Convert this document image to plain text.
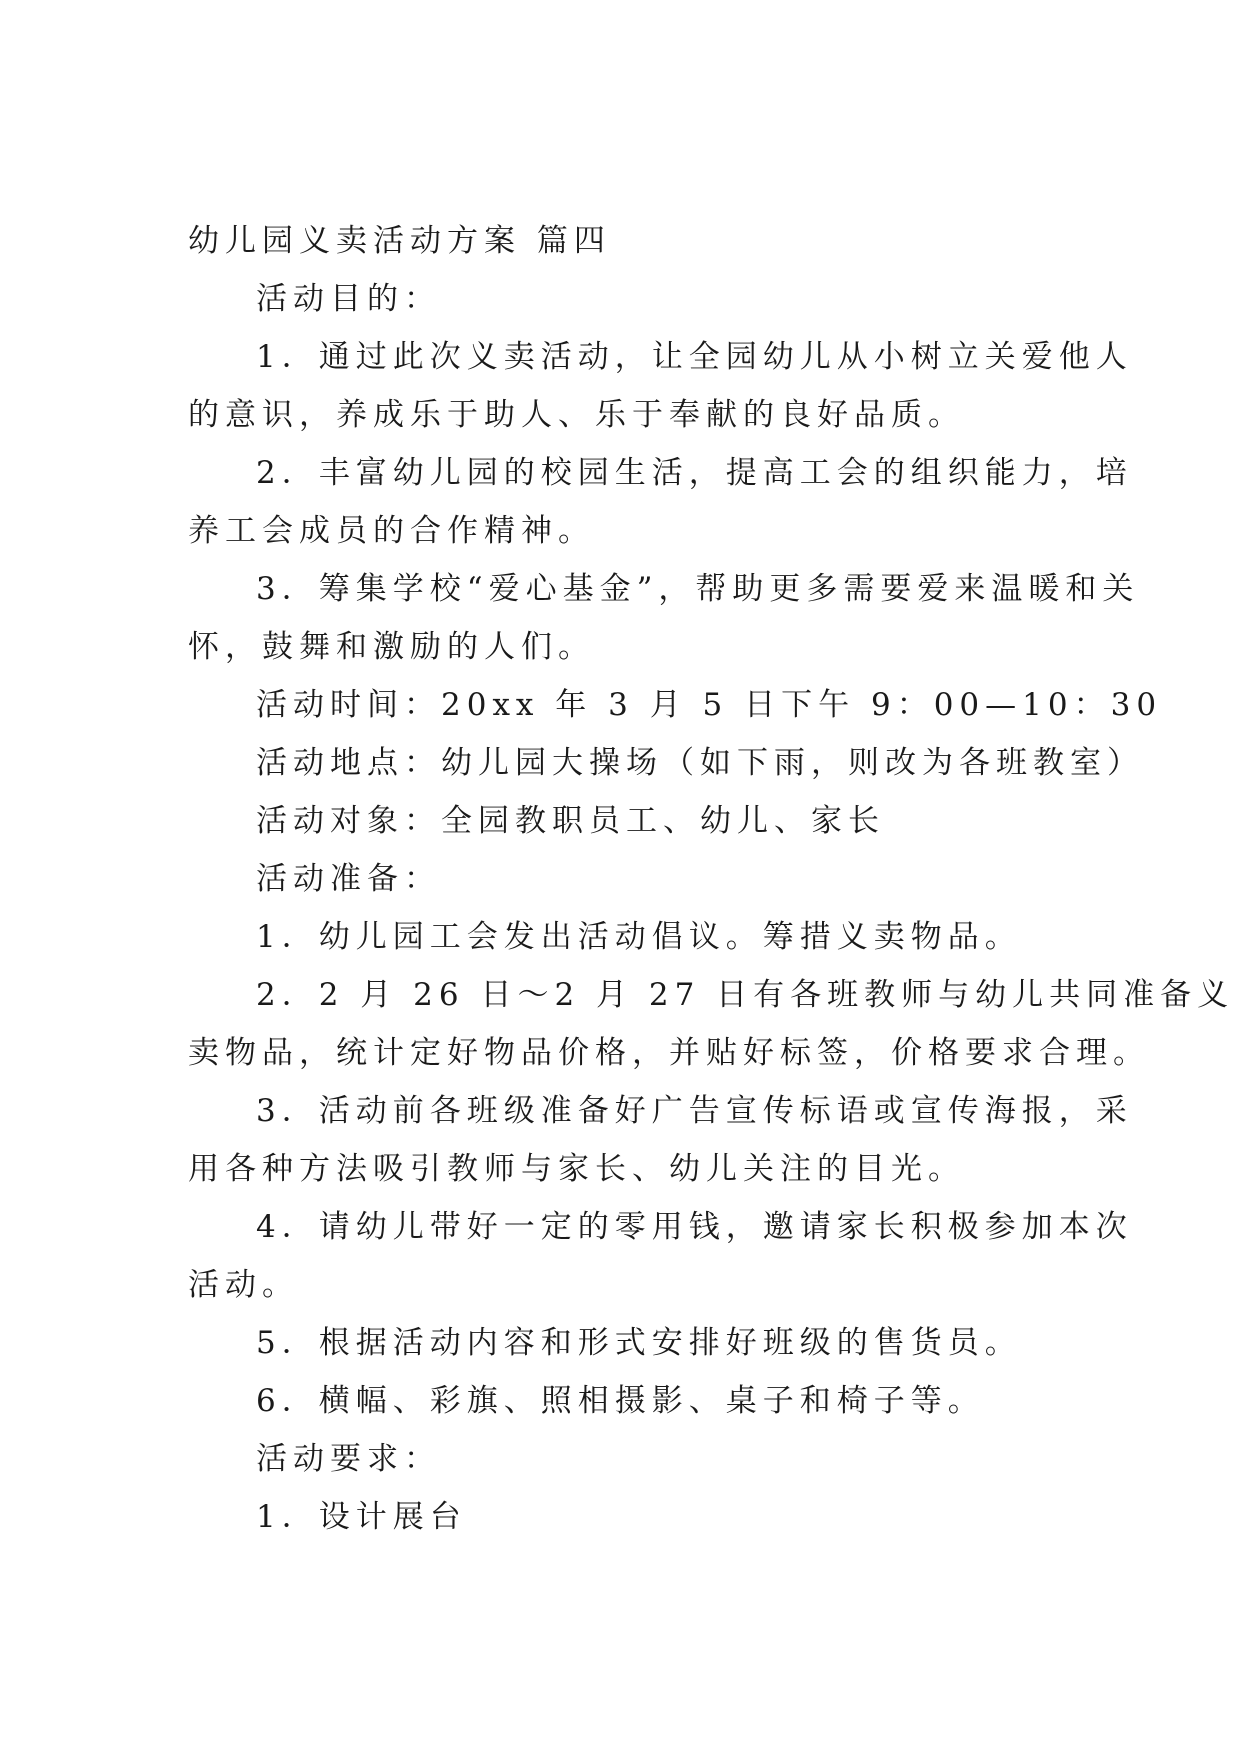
幼儿园义卖活动方案 篇四
活动目的：
1．通过此次义卖活动，让全园幼儿从小树立关爱他人
的意识，养成乐于助人、乐于奉献的良好品质。
2．丰富幼儿园的校园生活，提高工会的组织能力，培
养工会成员的合作精神。
3．筹集学校“爱心基金”，帮助更多需要爱来温暖和关
怀，鼓舞和激励的人们。
活动时间：20xx 年 3 月 5 日下午 9：00—10：30
活动地点：幼儿园大操场（如下雨，则改为各班教室）
活动对象：全园教职员工、幼儿、家长
活动准备：
1．幼儿园工会发出活动倡议。筹措义卖物品。
2．2 月 26 日～2 月 27 日有各班教师与幼儿共同准备义
卖物品，统计定好物品价格，并贴好标签，价格要求合理。
3．活动前各班级准备好广告宣传标语或宣传海报，采
用各种方法吸引教师与家长、幼儿关注的目光。
4．请幼儿带好一定的零用钱，邀请家长积极参加本次
活动。
5．根据活动内容和形式安排好班级的售货员。
6．横幅、彩旗、照相摄影、桌子和椅子等。
活动要求：
1．设计展台
